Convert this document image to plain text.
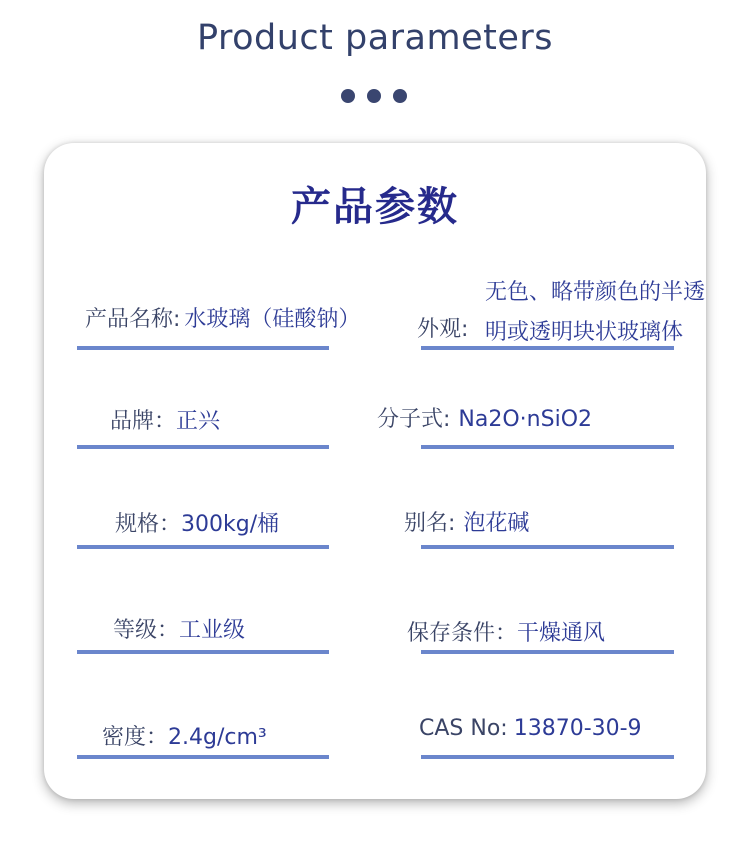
Product parameters
产品参数
产品名称: 水玻璃（硅酸钠）	外观:
无色、略带颜色的半透
明或透明块状玻璃体
品牌：正兴	分子式: Na2O·nSiO2
规格：300kg/桶	别名: 泡花碱
等级：工业级	保存条件：干燥通风
密度：2.4g/cm³	CAS No: 13870-30-9
